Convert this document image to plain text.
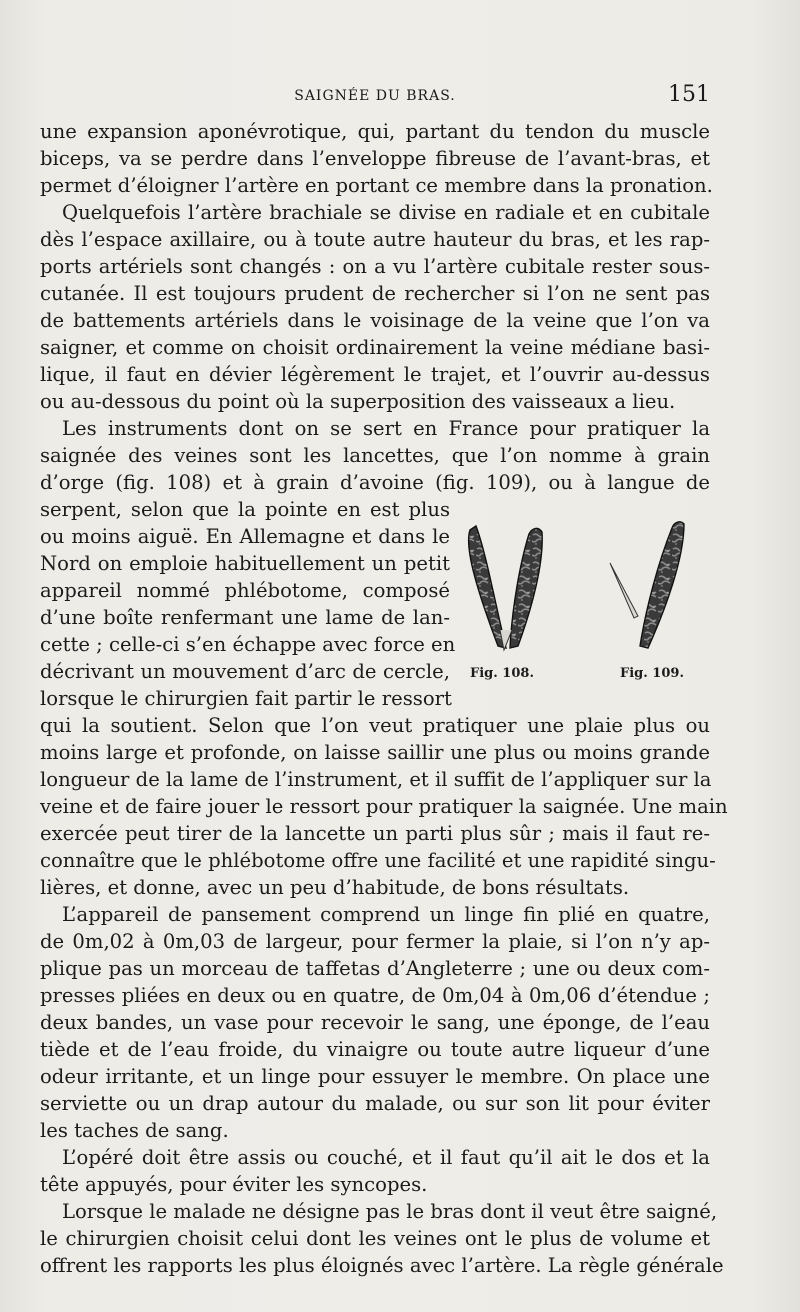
SAIGNÉE DU BRAS.	151
une expansion aponévrotique, qui, partant du tendon du muscle
biceps, va se perdre dans l’enveloppe fibreuse de l’avant-bras, et
permet d’éloigner l’artère en portant ce membre dans la pronation.
Quelquefois l’artère brachiale se divise en radiale et en cubitale
dès l’espace axillaire, ou à toute autre hauteur du bras, et les rap-
ports artériels sont changés : on a vu l’artère cubitale rester sous-
cutanée. Il est toujours prudent de rechercher si l’on ne sent pas
de battements artériels dans le voisinage de la veine que l’on va
saigner, et comme on choisit ordinairement la veine médiane basi-
lique, il faut en dévier légèrement le trajet, et l’ouvrir au-dessus
ou au-dessous du point où la superposition des vaisseaux a lieu.
Les instruments dont on se sert en France pour pratiquer la
saignée des veines sont les lancettes, que l’on nomme à grain
d’orge (fig. 108) et à grain d’avoine (fig. 109), ou à langue de
serpent, selon que la pointe en est plus
ou moins aiguë. En Allemagne et dans le
Nord on emploie habituellement un petit
appareil nommé phlébotome, composé
d’une boîte renfermant une lame de lan-
cette ; celle-ci s’en échappe avec force en
décrivant un mouvement d’arc de cercle,
lorsque le chirurgien fait partir le ressort
qui la soutient. Selon que l’on veut pratiquer une plaie plus ou
moins large et profonde, on laisse saillir une plus ou moins grande
longueur de la lame de l’instrument, et il suffit de l’appliquer sur la
veine et de faire jouer le ressort pour pratiquer la saignée. Une main
exercée peut tirer de la lancette un parti plus sûr ; mais il faut re-
connaître que le phlébotome offre une facilité et une rapidité singu-
lières, et donne, avec un peu d’habitude, de bons résultats.
L’appareil de pansement comprend un linge fin plié en quatre,
de 0m,02 à 0m,03 de largeur, pour fermer la plaie, si l’on n’y ap-
plique pas un morceau de taffetas d’Angleterre ; une ou deux com-
presses pliées en deux ou en quatre, de 0m,04 à 0m,06 d’étendue ;
deux bandes, un vase pour recevoir le sang, une éponge, de l’eau
tiède et de l’eau froide, du vinaigre ou toute autre liqueur d’une
odeur irritante, et un linge pour essuyer le membre. On place une
serviette ou un drap autour du malade, ou sur son lit pour éviter
les taches de sang.
L’opéré doit être assis ou couché, et il faut qu’il ait le dos et la
tête appuyés, pour éviter les syncopes.
Lorsque le malade ne désigne pas le bras dont il veut être saigné,
le chirurgien choisit celui dont les veines ont le plus de volume et
offrent les rapports les plus éloignés avec l’artère. La règle générale
Fig. 108.	Fig. 109.
